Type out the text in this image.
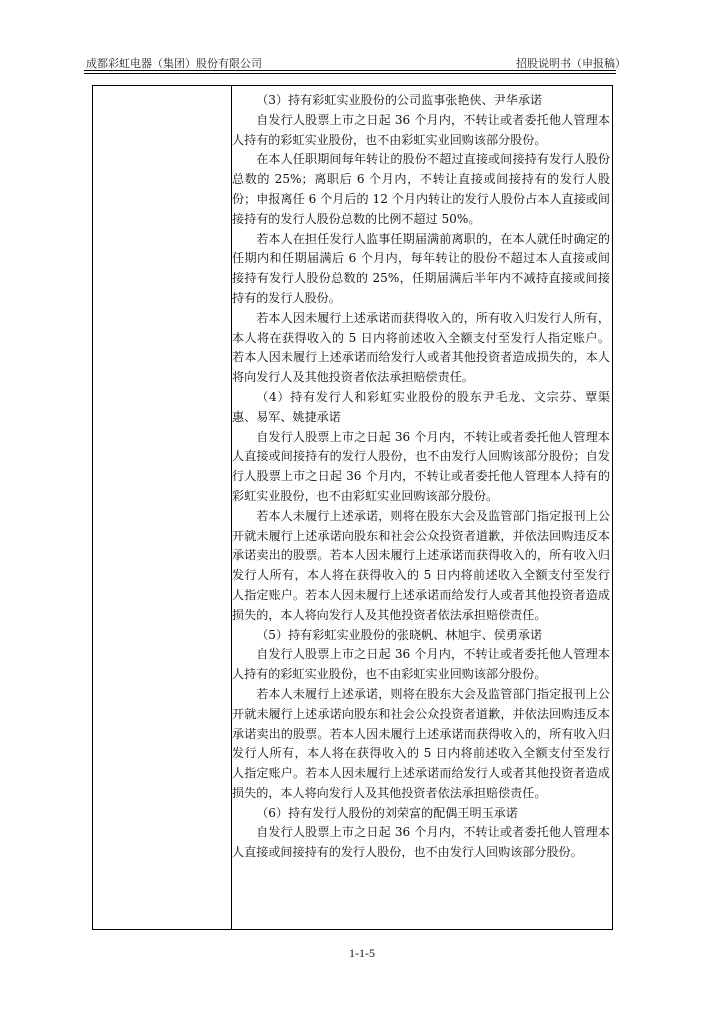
成都彩虹电器（集团）股份有限公司	招股说明书（申报稿）

（3）持有彩虹实业股份的公司监事张艳侠、尹华承诺

自发行人股票上市之日起 36 个月内，不转让或者委托他人管理本人持有的彩虹实业股份，也不由彩虹实业回购该部分股份。

在本人任职期间每年转让的股份不超过直接或间接持有发行人股份总数的 25%；离职后 6 个月内，不转让直接或间接持有的发行人股份；申报离任 6 个月后的 12 个月内转让的发行人股份占本人直接或间接持有的发行人股份总数的比例不超过 50%。

若本人在担任发行人监事任期届满前离职的，在本人就任时确定的任期内和任期届满后 6 个月内，每年转让的股份不超过本人直接或间接持有发行人股份总数的 25%，任期届满后半年内不减持直接或间接持有的发行人股份。

若本人因未履行上述承诺而获得收入的，所有收入归发行人所有，本人将在获得收入的 5 日内将前述收入全额支付至发行人指定账户。若本人因未履行上述承诺而给发行人或者其他投资者造成损失的，本人将向发行人及其他投资者依法承担赔偿责任。

（4）持有发行人和彩虹实业股份的股东尹毛龙、文宗芬、覃渠惠、易军、姚捷承诺

自发行人股票上市之日起 36 个月内，不转让或者委托他人管理本人直接或间接持有的发行人股份，也不由发行人回购该部分股份；自发行人股票上市之日起 36 个月内，不转让或者委托他人管理本人持有的彩虹实业股份，也不由彩虹实业回购该部分股份。

若本人未履行上述承诺，则将在股东大会及监管部门指定报刊上公开就未履行上述承诺向股东和社会公众投资者道歉，并依法回购违反本承诺卖出的股票。若本人因未履行上述承诺而获得收入的，所有收入归发行人所有，本人将在获得收入的 5 日内将前述收入全额支付至发行人指定账户。若本人因未履行上述承诺而给发行人或者其他投资者造成损失的，本人将向发行人及其他投资者依法承担赔偿责任。

（5）持有彩虹实业股份的张晓帆、林旭宇、侯勇承诺

自发行人股票上市之日起 36 个月内，不转让或者委托他人管理本人持有的彩虹实业股份，也不由彩虹实业回购该部分股份。

若本人未履行上述承诺，则将在股东大会及监管部门指定报刊上公开就未履行上述承诺向股东和社会公众投资者道歉，并依法回购违反本承诺卖出的股票。若本人因未履行上述承诺而获得收入的，所有收入归发行人所有，本人将在获得收入的 5 日内将前述收入全额支付至发行人指定账户。若本人因未履行上述承诺而给发行人或者其他投资者造成损失的，本人将向发行人及其他投资者依法承担赔偿责任。

（6）持有发行人股份的刘荣富的配偶王明玉承诺

自发行人股票上市之日起 36 个月内，不转让或者委托他人管理本人直接或间接持有的发行人股份，也不由发行人回购该部分股份。

1-1-5
